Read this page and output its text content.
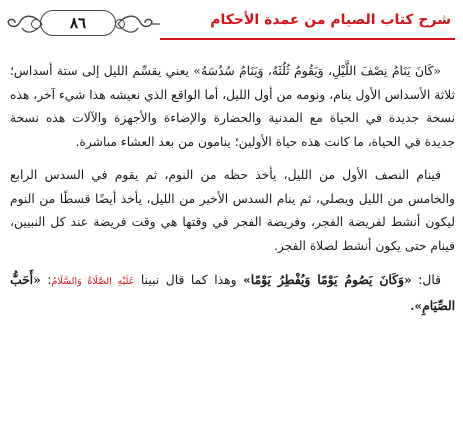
٨٦	شرح كتاب الصيام من عمدة الأحكام

«كَانَ يَنَامُ نِصْفَ اللَّيْلِ، وَيَقُومُ ثُلُثَهُ، وَيَنَامُ سُدُسَهُ» يعني يقسِّم الليل إلى ستة أسداس؛ ثلاثة الأسداس الأول ينام، ونومه من أول الليل، أما الواقع الذي نعيشه هذا شيء آخر، هذه نسخة جديدة في الحياة مع المدنية والحضارة والإضاءة والأجهزة والآلات هذه نسخة جديدة في الحياة، ما كانت هذه حياة الأولين؛ ينامون من بعد العشاء مباشرة.

فينام النصف الأول من الليل، يأخذ حظه من النوم، ثم يقوم في السدس الرابع والخامس من الليل ويصلي، ثم ينام السدس الأخير من الليل، يأخذ أيضًا قسطًا من النوم ليكون أنشط لفريضة الفجر، وفريضة الفجر في وقتها هي وقت فريضة عند كل النبيين، فينام حتى يكون أنشط لصلاة الفجر.

قال: «وَكَانَ يَصُومُ يَوْمًا وَيُفْطِرُ يَوْمًا» وهذا كما قال نبينا عَلَيْهِ الصَّلَاةُ وَالسَّلَامُ: «أَحَبُّ الصِّيَامِ».
